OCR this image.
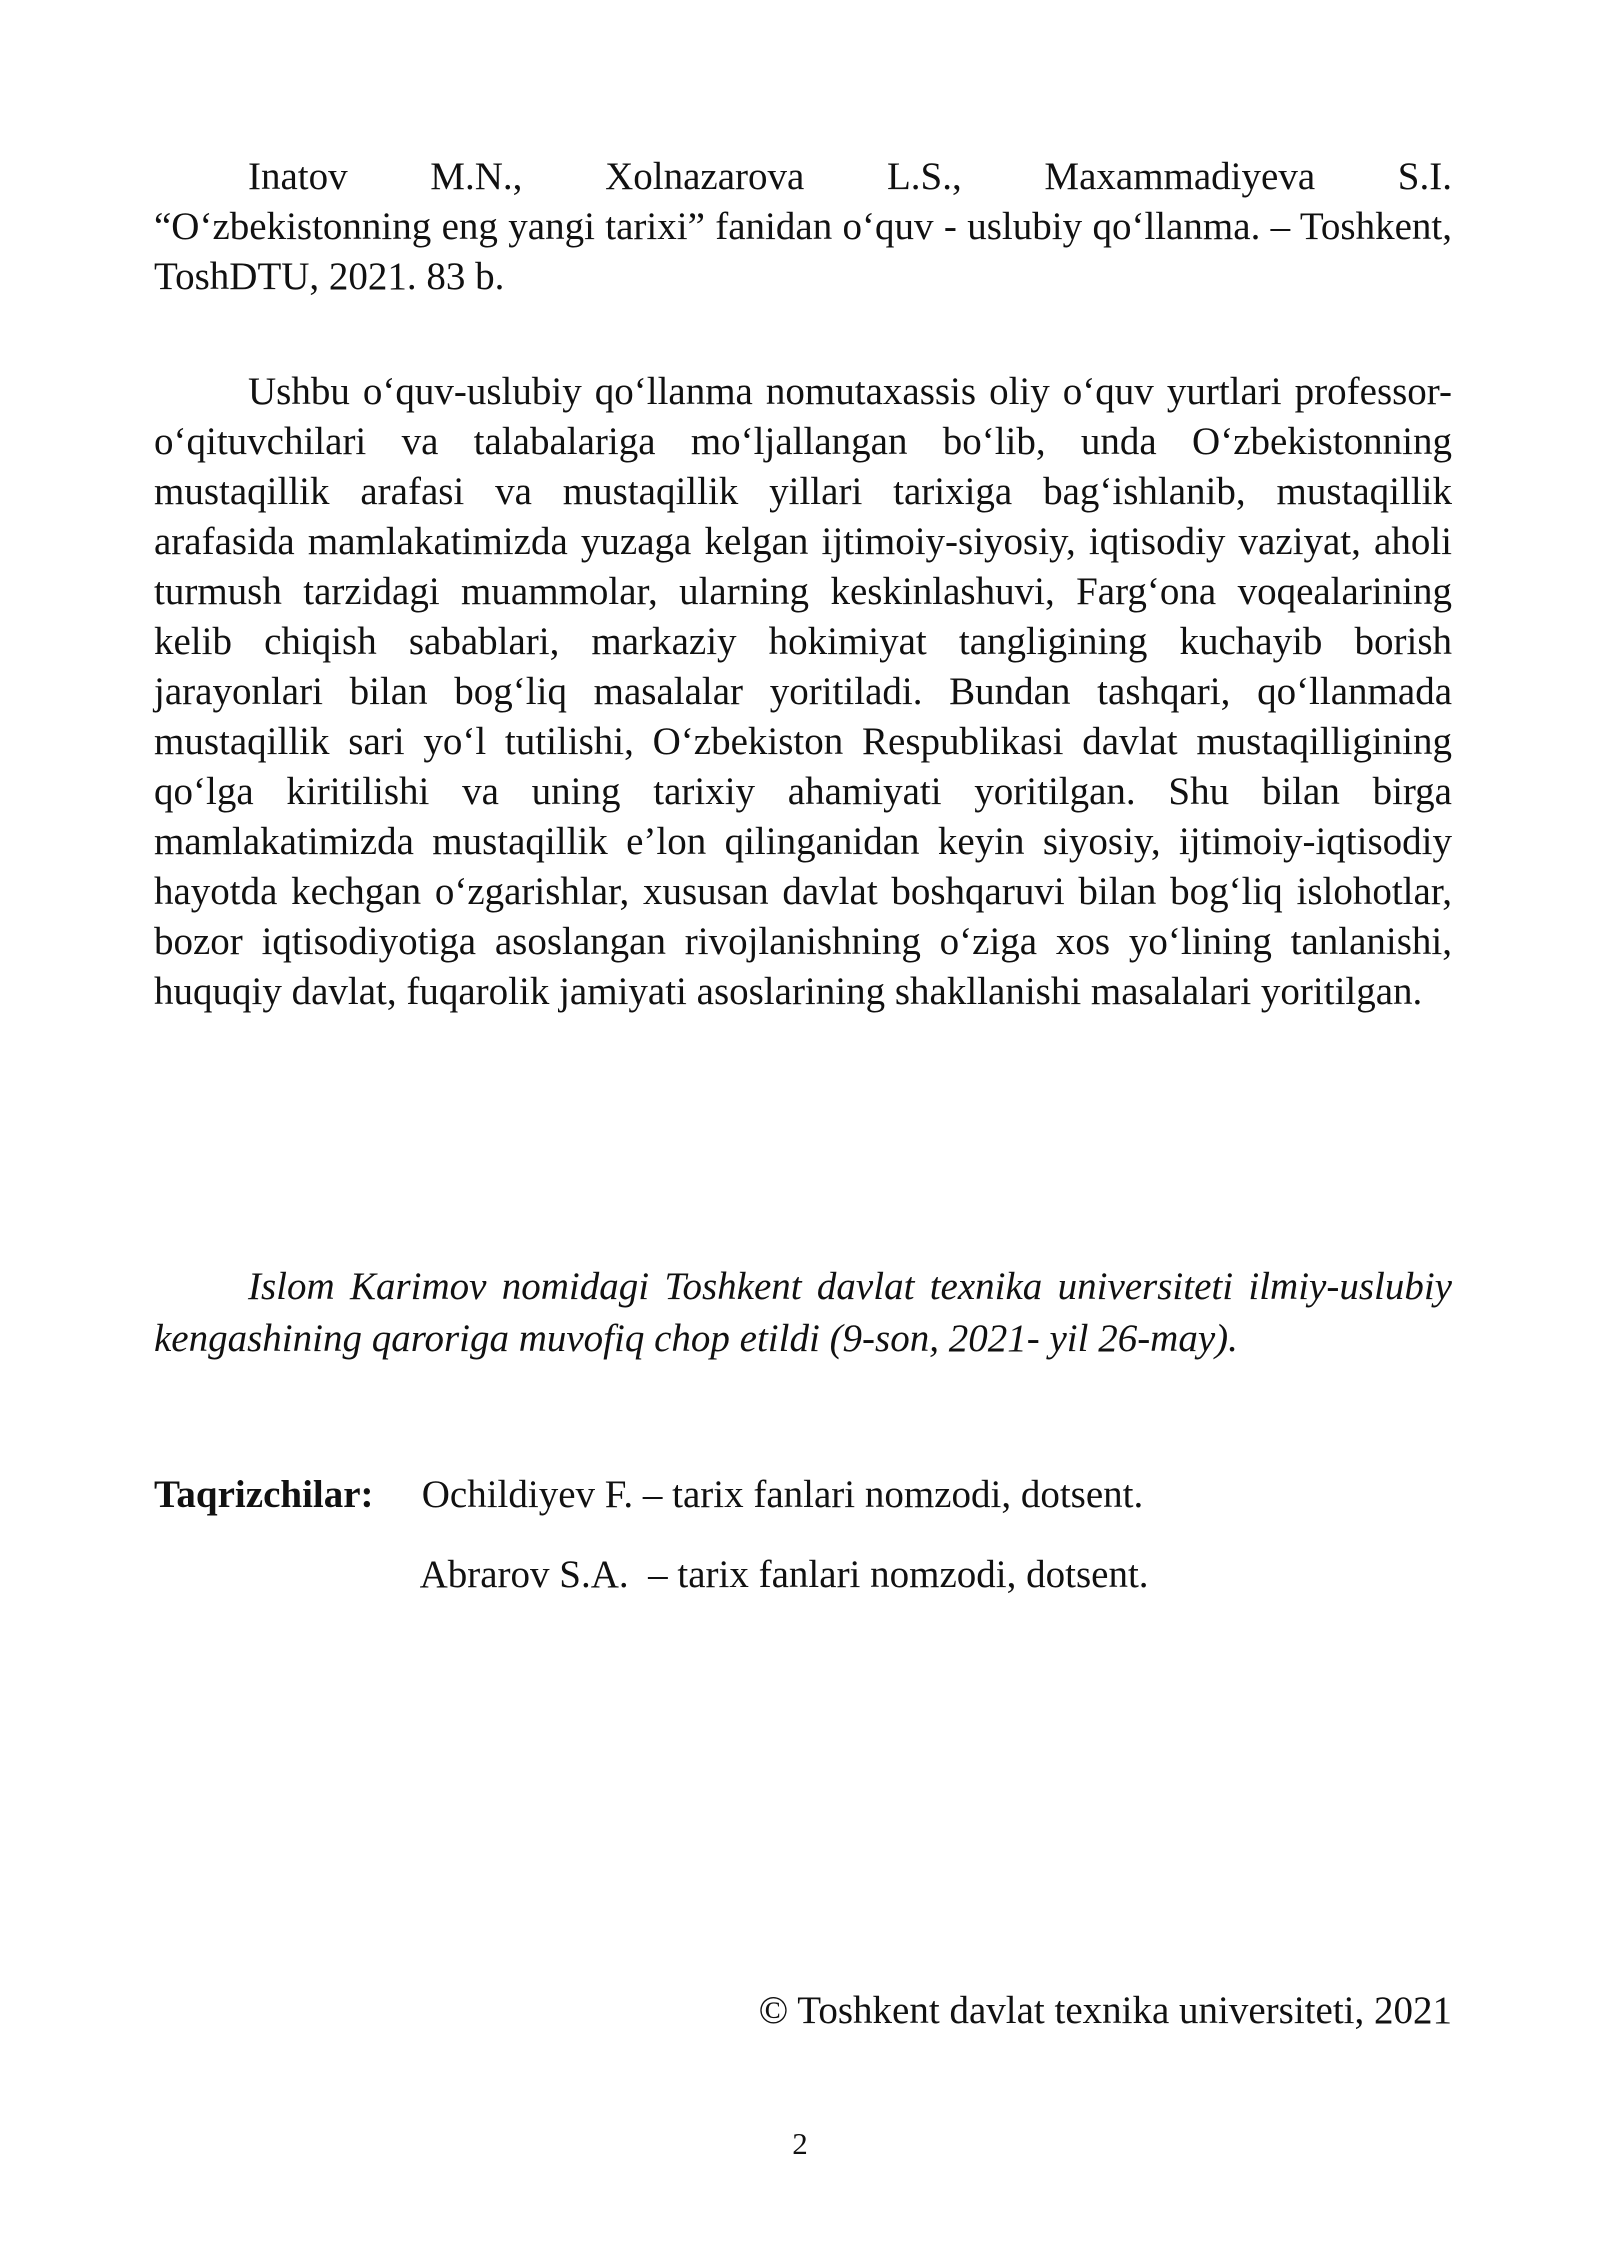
Inatov M.N., Xolnazarova L.S., Maxammadiyeva S.I.
“O‘zbekistonning eng yangi tarixi” fanidan o‘quv - uslubiy qo‘llanma. – Toshkent, ToshDTU, 2021. 83 b.
Ushbu o‘quv-uslubiy qo‘llanma nomutaxassis oliy o‘quv yurtlari professor-o‘qituvchilari va talabalariga mo‘ljallangan bo‘lib, unda O‘zbekistonning mustaqillik arafasi va mustaqillik yillari tarixiga bag‘ishlanib, mustaqillik arafasida mamlakatimizda yuzaga kelgan ijtimoiy-siyosiy, iqtisodiy vaziyat, aholi turmush tarzidagi muammolar, ularning keskinlashuvi, Farg‘ona voqealarining kelib chiqish sabablari, markaziy hokimiyat tangligining kuchayib borish jarayonlari bilan bog‘liq masalalar yoritiladi. Bundan tashqari, qo‘llanmada mustaqillik sari yo‘l tutilishi, O‘zbekiston Respublikasi davlat mustaqilligining qo‘lga kiritilishi va uning tarixiy ahamiyati yoritilgan. Shu bilan birga mamlakatimizda mustaqillik e’lon qilinganidan keyin siyosiy, ijtimoiy-iqtisodiy hayotda kechgan o‘zgarishlar, xususan davlat boshqaruvi bilan bog‘liq islohotlar, bozor iqtisodiyotiga asoslangan rivojlanishning o‘ziga xos yo‘lining tanlanishi, huquqiy davlat, fuqarolik jamiyati asoslarining shakllanishi masalalari yoritilgan.
Islom Karimov nomidagi Toshkent davlat texnika universiteti ilmiy-uslubiy kengashining qaroriga muvofiq chop etildi (9-son, 2021- yil 26-may).
Taqrizchilar: Ochildiyev F. – tarix fanlari nomzodi, dotsent.
Abrarov S.A.  – tarix fanlari nomzodi, dotsent.
© Toshkent davlat texnika universiteti, 2021
2
